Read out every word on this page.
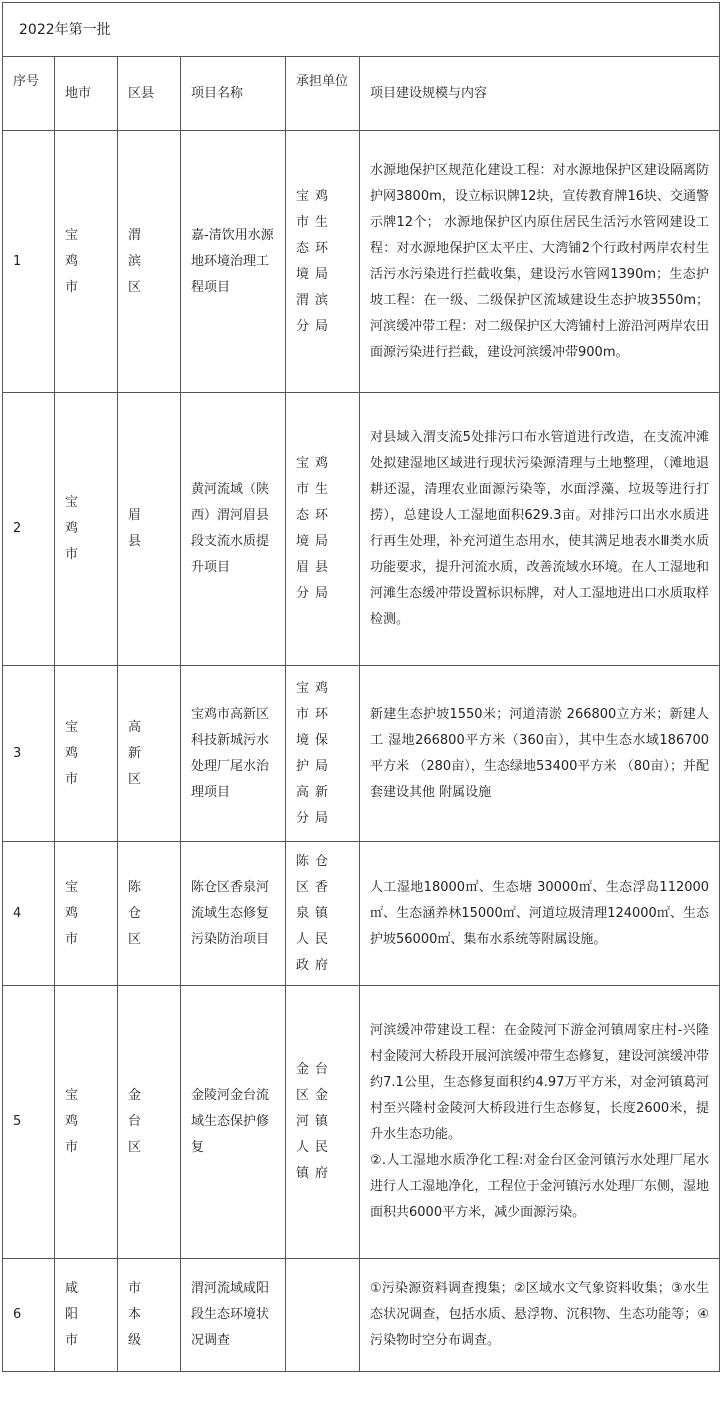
2022年第一批					
序号	地市	区县	项目名称	承担单位	项目建设规模与内容
1	宝鸡市	渭滨区	嘉-清饮用水源地环境治理工程项目	宝鸡市生态环境局渭滨分局	水源地保护区规范化建设工程：对水源地保护区建设隔离防护网3800m，设立标识牌12块，宣传教育牌16块、交通警示牌12个； 水源地保护区内原住居民生活污水管网建设工程：对水源地保护区太平庄、大湾铺2个行政村两岸农村生活污水污染进行拦截收集，建设污水管网1390m；生态护坡工程：在一级、二级保护区流域建设生态护坡3550m；河滨缓冲带工程：对二级保护区大湾铺村上游沿河两岸农田面源污染进行拦截，建设河滨缓冲带900m。

2	宝鸡市	眉县	黄河流域（陕西）渭河眉县段支流水质提升项目	宝鸡市生态环境局眉县分局	对县域入渭支流5处排污口布水管道进行改造，在支流冲滩处拟建湿地区域进行现状污染源清理与土地整理，（滩地退耕还湿，清理农业面源污染等，水面浮藻、垃圾等进行打捞），总建设人工湿地面积629.3亩。对排污口出水水质进行再生处理，补充河道生态用水，使其满足地表水Ⅲ类水质功能要求，提升河流水质，改善流域水环境。在人工湿地和河滩生态缓冲带设置标识标牌，对人工湿地进出口水质取样检测。

3	宝鸡市	高新区	宝鸡市高新区科技新城污水处理厂尾水治理项目	宝鸡市环境保护局高新分局	新建生态护坡1550米；河道清淤 266800立方米；新建人工 湿地266800平方米（360亩），其中生态水域186700平方米 （280亩），生态绿地53400平方米 （80亩）；并配套建设其他 附属设施

4	宝鸡市	陈仓区	陈仓区香泉河流域生态修复污染防治项目	陈仓区香泉镇人民政府	人工湿地18000㎡、生态塘 30000㎡、生态浮岛112000㎡、生态涵养林15000㎡、河道垃圾清理124000㎡、生态护坡56000㎡、集布水系统等附属设施。

5	宝鸡市	金台区	金陵河金台流域生态保护修复	金台区金河镇人民镇府	河滨缓冲带建设工程：在金陵河下游金河镇周家庄村-兴隆村金陵河大桥段开展河滨缓冲带生态修复，建设河滨缓冲带约7.1公里，生态修复面积约4.97万平方米，对金河镇葛河村至兴隆村金陵河大桥段进行生态修复，长度2600米，提升水生态功能。

②.人工湿地水质净化工程:对金台区金河镇污水处理厂尾水进行人工湿地净化，工程位于金河镇污水处理厂东侧，湿地面积共6000平方米，减少面源污染。

6	咸阳市	市本级	渭河流域咸阳段生态环境状况调查		①污染源资料调查搜集；②区域水文气象资料收集；③水生态状况调查，包括水质、悬浮物、沉积物、生态功能等；④污染物时空分布调查。
